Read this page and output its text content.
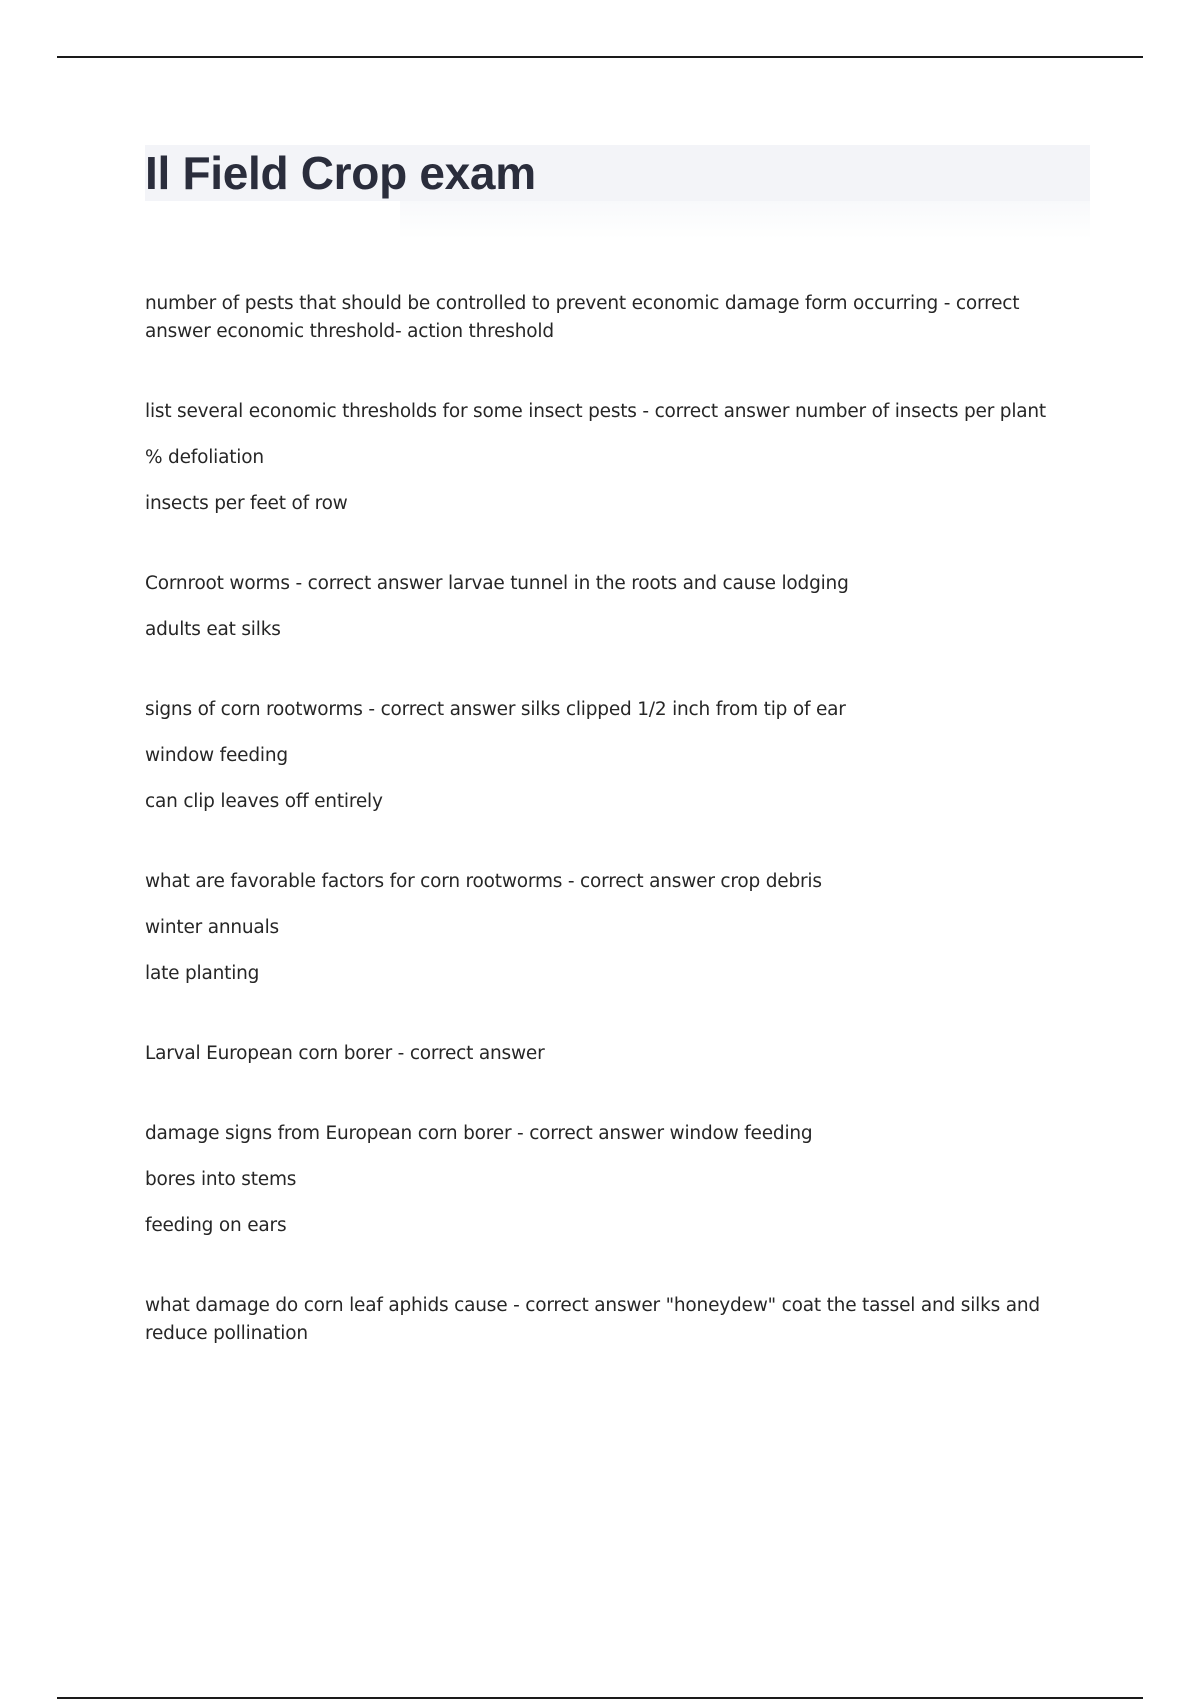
Il Field Crop exam

number of pests that should be controlled to prevent economic damage form occurring - correct answer economic threshold- action threshold

list several economic thresholds for some insect pests - correct answer number of insects per plant

% defoliation

insects per feet of row

Cornroot worms - correct answer larvae tunnel in the roots and cause lodging

adults eat silks

signs of corn rootworms - correct answer silks clipped 1/2 inch from tip of ear

window feeding

can clip leaves off entirely

what are favorable factors for corn rootworms - correct answer crop debris

winter annuals

late planting

Larval European corn borer - correct answer

damage signs from European corn borer - correct answer window feeding

bores into stems

feeding on ears

what damage do corn leaf aphids cause - correct answer "honeydew" coat the tassel and silks and reduce pollination
